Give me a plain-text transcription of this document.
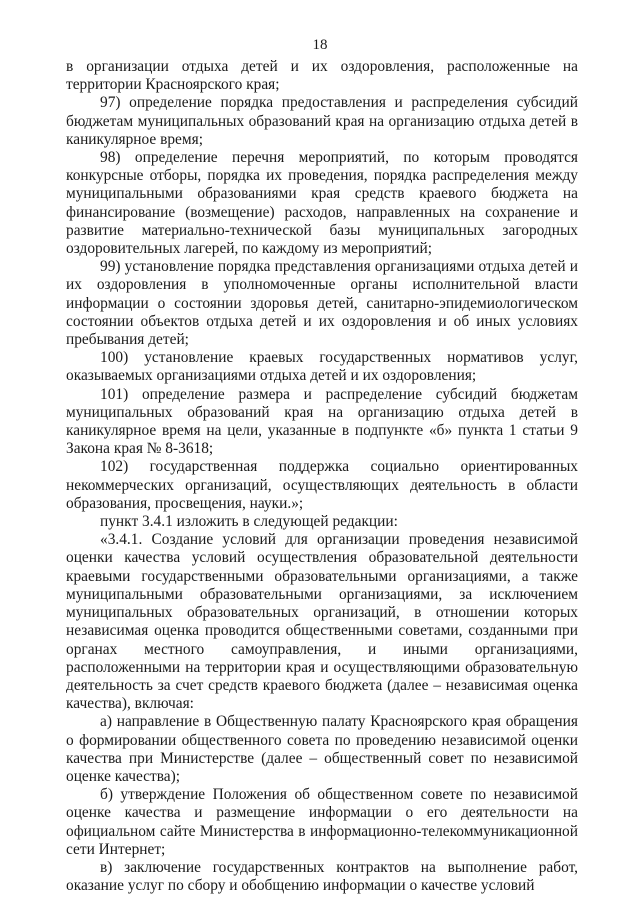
18

в организации отдыха детей и их оздоровления, расположенные на территории Красноярского края;

97) определение порядка предоставления и распределения субсидий бюджетам муниципальных образований края на организацию отдыха детей в каникулярное время;

98) определение перечня мероприятий, по которым проводятся конкурсные отборы, порядка их проведения, порядка распределения между муниципальными образованиями края средств краевого бюджета на финансирование (возмещение) расходов, направленных на сохранение и развитие материально-технической базы муниципальных загородных оздоровительных лагерей, по каждому из мероприятий;

99) установление порядка представления организациями отдыха детей и их оздоровления в уполномоченные органы исполнительной власти информации о состоянии здоровья детей, санитарно-эпидемиологическом состоянии объектов отдыха детей и их оздоровления и об иных условиях пребывания детей;

100) установление краевых государственных нормативов услуг, оказываемых организациями отдыха детей и их оздоровления;

101) определение размера и распределение субсидий бюджетам муниципальных образований края на организацию отдыха детей в каникулярное время на цели, указанные в подпункте «б» пункта 1 статьи 9 Закона края № 8-3618;

102) государственная поддержка социально ориентированных некоммерческих организаций, осуществляющих деятельность в области образования, просвещения, науки.»;

пункт 3.4.1 изложить в следующей редакции:

«3.4.1. Создание условий для организации проведения независимой оценки качества условий осуществления образовательной деятельности краевыми государственными образовательными организациями, а также муниципальными образовательными организациями, за исключением муниципальных образовательных организаций, в отношении которых независимая оценка проводится общественными советами, созданными при органах местного самоуправления, и иными организациями, расположенными на территории края и осуществляющими образовательную деятельность за счет средств краевого бюджета (далее – независимая оценка качества), включая:

а) направление в Общественную палату Красноярского края обращения о формировании общественного совета по проведению независимой оценки качества при Министерстве (далее – общественный совет по независимой оценке качества);

б) утверждение Положения об общественном совете по независимой оценке качества и размещение информации о его деятельности на официальном сайте Министерства в информационно-телекоммуникационной сети Интернет;

в) заключение государственных контрактов на выполнение работ, оказание услуг по сбору и обобщению информации о качестве условий
